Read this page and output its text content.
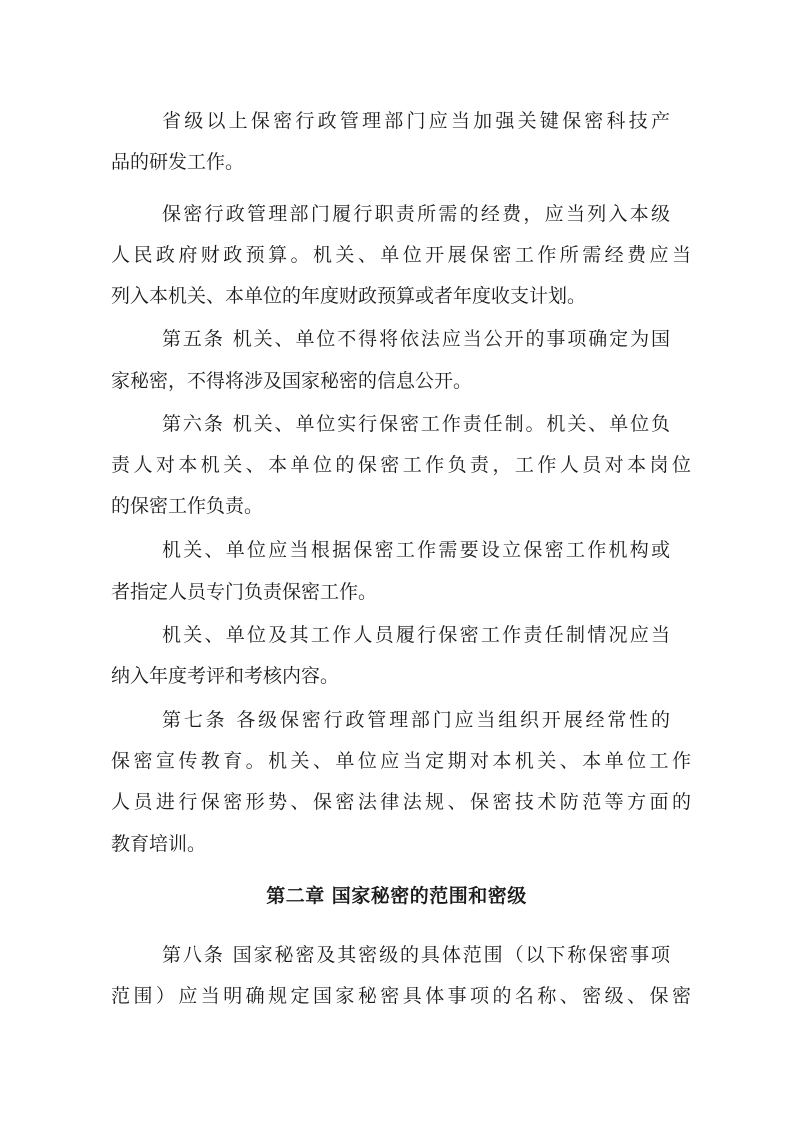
省级以上保密行政管理部门应当加强关键保密科技产
品的研发工作。
保密行政管理部门履行职责所需的经费，应当列入本级
人民政府财政预算。机关、单位开展保密工作所需经费应当
列入本机关、本单位的年度财政预算或者年度收支计划。
第五条 机关、单位不得将依法应当公开的事项确定为国
家秘密，不得将涉及国家秘密的信息公开。
第六条 机关、单位实行保密工作责任制。机关、单位负
责人对本机关、本单位的保密工作负责，工作人员对本岗位
的保密工作负责。
机关、单位应当根据保密工作需要设立保密工作机构或
者指定人员专门负责保密工作。
机关、单位及其工作人员履行保密工作责任制情况应当
纳入年度考评和考核内容。
第七条 各级保密行政管理部门应当组织开展经常性的
保密宣传教育。机关、单位应当定期对本机关、本单位工作
人员进行保密形势、保密法律法规、保密技术防范等方面的
教育培训。
第二章 国家秘密的范围和密级
第八条 国家秘密及其密级的具体范围（以下称保密事项
范围）应当明确规定国家秘密具体事项的名称、密级、保密
